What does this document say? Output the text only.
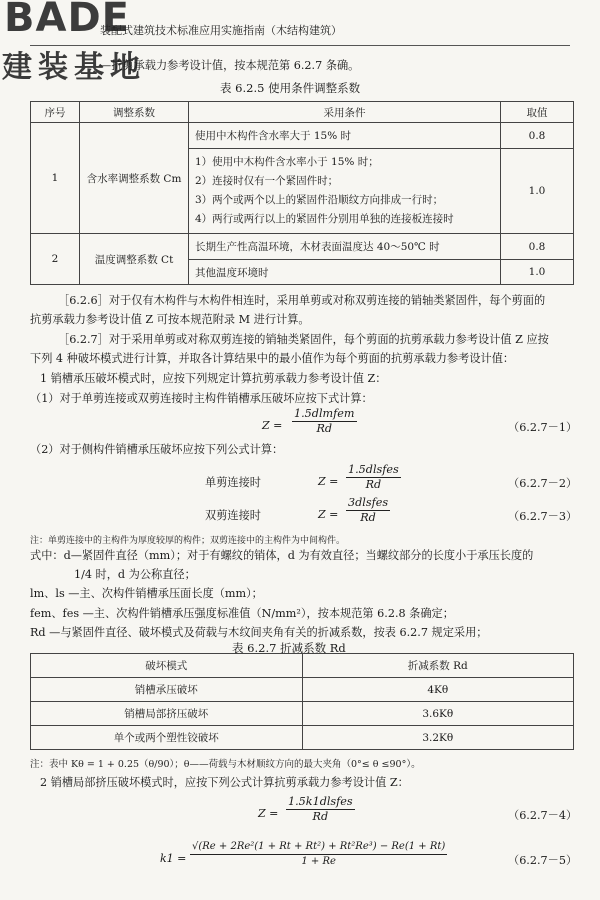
BADE
建装基地
装配式建筑技术标准应用实施指南（木结构建筑）
—抗剪承载力参考设计值，按本规范第 6.2.7 条确。
表 6.2.5 使用条件调整系数
序号	调整系数	采用条件	取值
1	含水率调整系数 Cm	使用中木构件含水率大于 15% 时	0.8

		1）使用中木构件含水率小于 15% 时；
2）连接时仅有一个紧固件时；
3）两个或两个以上的紧固件沿顺纹方向排成一行时；
4）两行或两行以上的紧固件分别用单独的连接板连接时	1.0
2	温度调整系数 Ct	长期生产性高温环境，木材表面温度达 40～50℃ 时	0.8
		其他温度环境时	1.0
［6.2.6］对于仅有木构件与木构件相连时，采用单剪或对称双剪连接的销轴类紧固件，每个剪面的
抗剪承载力参考设计值 Z 可按本规范附录 M 进行计算。
［6.2.7］对于采用单剪或对称双剪连接的销轴类紧固件，每个剪面的抗剪承载力参考设计值 Z 应按
下列 4 种破坏模式进行计算，并取各计算结果中的最小值作为每个剪面的抗剪承载力参考设计值：
1 销槽承压破坏模式时，应按下列规定计算抗剪承载力参考设计值 Z：
（1）对于单剪连接或双剪连接时主构件销槽承压破坏应按下式计算：
Z =
1.5dlmfem
Rd	（6.2.7－1）
（2）对于侧构件销槽承压破坏应按下列公式计算：
单剪连接时	Z =
1.5dlsfes
Rd	（6.2.7－2）
双剪连接时	Z =
3dlsfes
Rd	（6.2.7－3）
注：单剪连接中的主构件为厚度较厚的构件；双剪连接中的主构件为中间构件。
式中：d—紧固件直径（mm）；对于有螺纹的销体，d 为有效直径；当螺纹部分的长度小于承压长度的
1/4 时，d 为公称直径；
lm、ls —主、次构件销槽承压面长度（mm）；
fem、fes —主、次构件销槽承压强度标准值（N/mm²），按本规范第 6.2.8 条确定；
Rd —与紧固件直径、破坏模式及荷载与木纹间夹角有关的折减系数，按表 6.2.7 规定采用；
表 6.2.7 折减系数 Rd
破坏模式	折减系数 Rd
销槽承压破坏	4Kθ
销槽局部挤压破坏	3.6Kθ
单个或两个塑性铰破坏	3.2Kθ
注：表中 Kθ = 1 + 0.25（θ/90）；θ——荷载与木材顺纹方向的最大夹角（0°≤ θ ≤90°）。
2 销槽局部挤压破坏模式时，应按下列公式计算抗剪承载力参考设计值 Z：
Z =
1.5k1dlsfes
Rd	（6.2.7－4）
$k1 = \frac{\text{√(Re + 2Re²(1 + Rt + Rt²) + Rt²Re³) − Re(1 + Rt)}}{1 + Re}$	（6.2.7－5）
